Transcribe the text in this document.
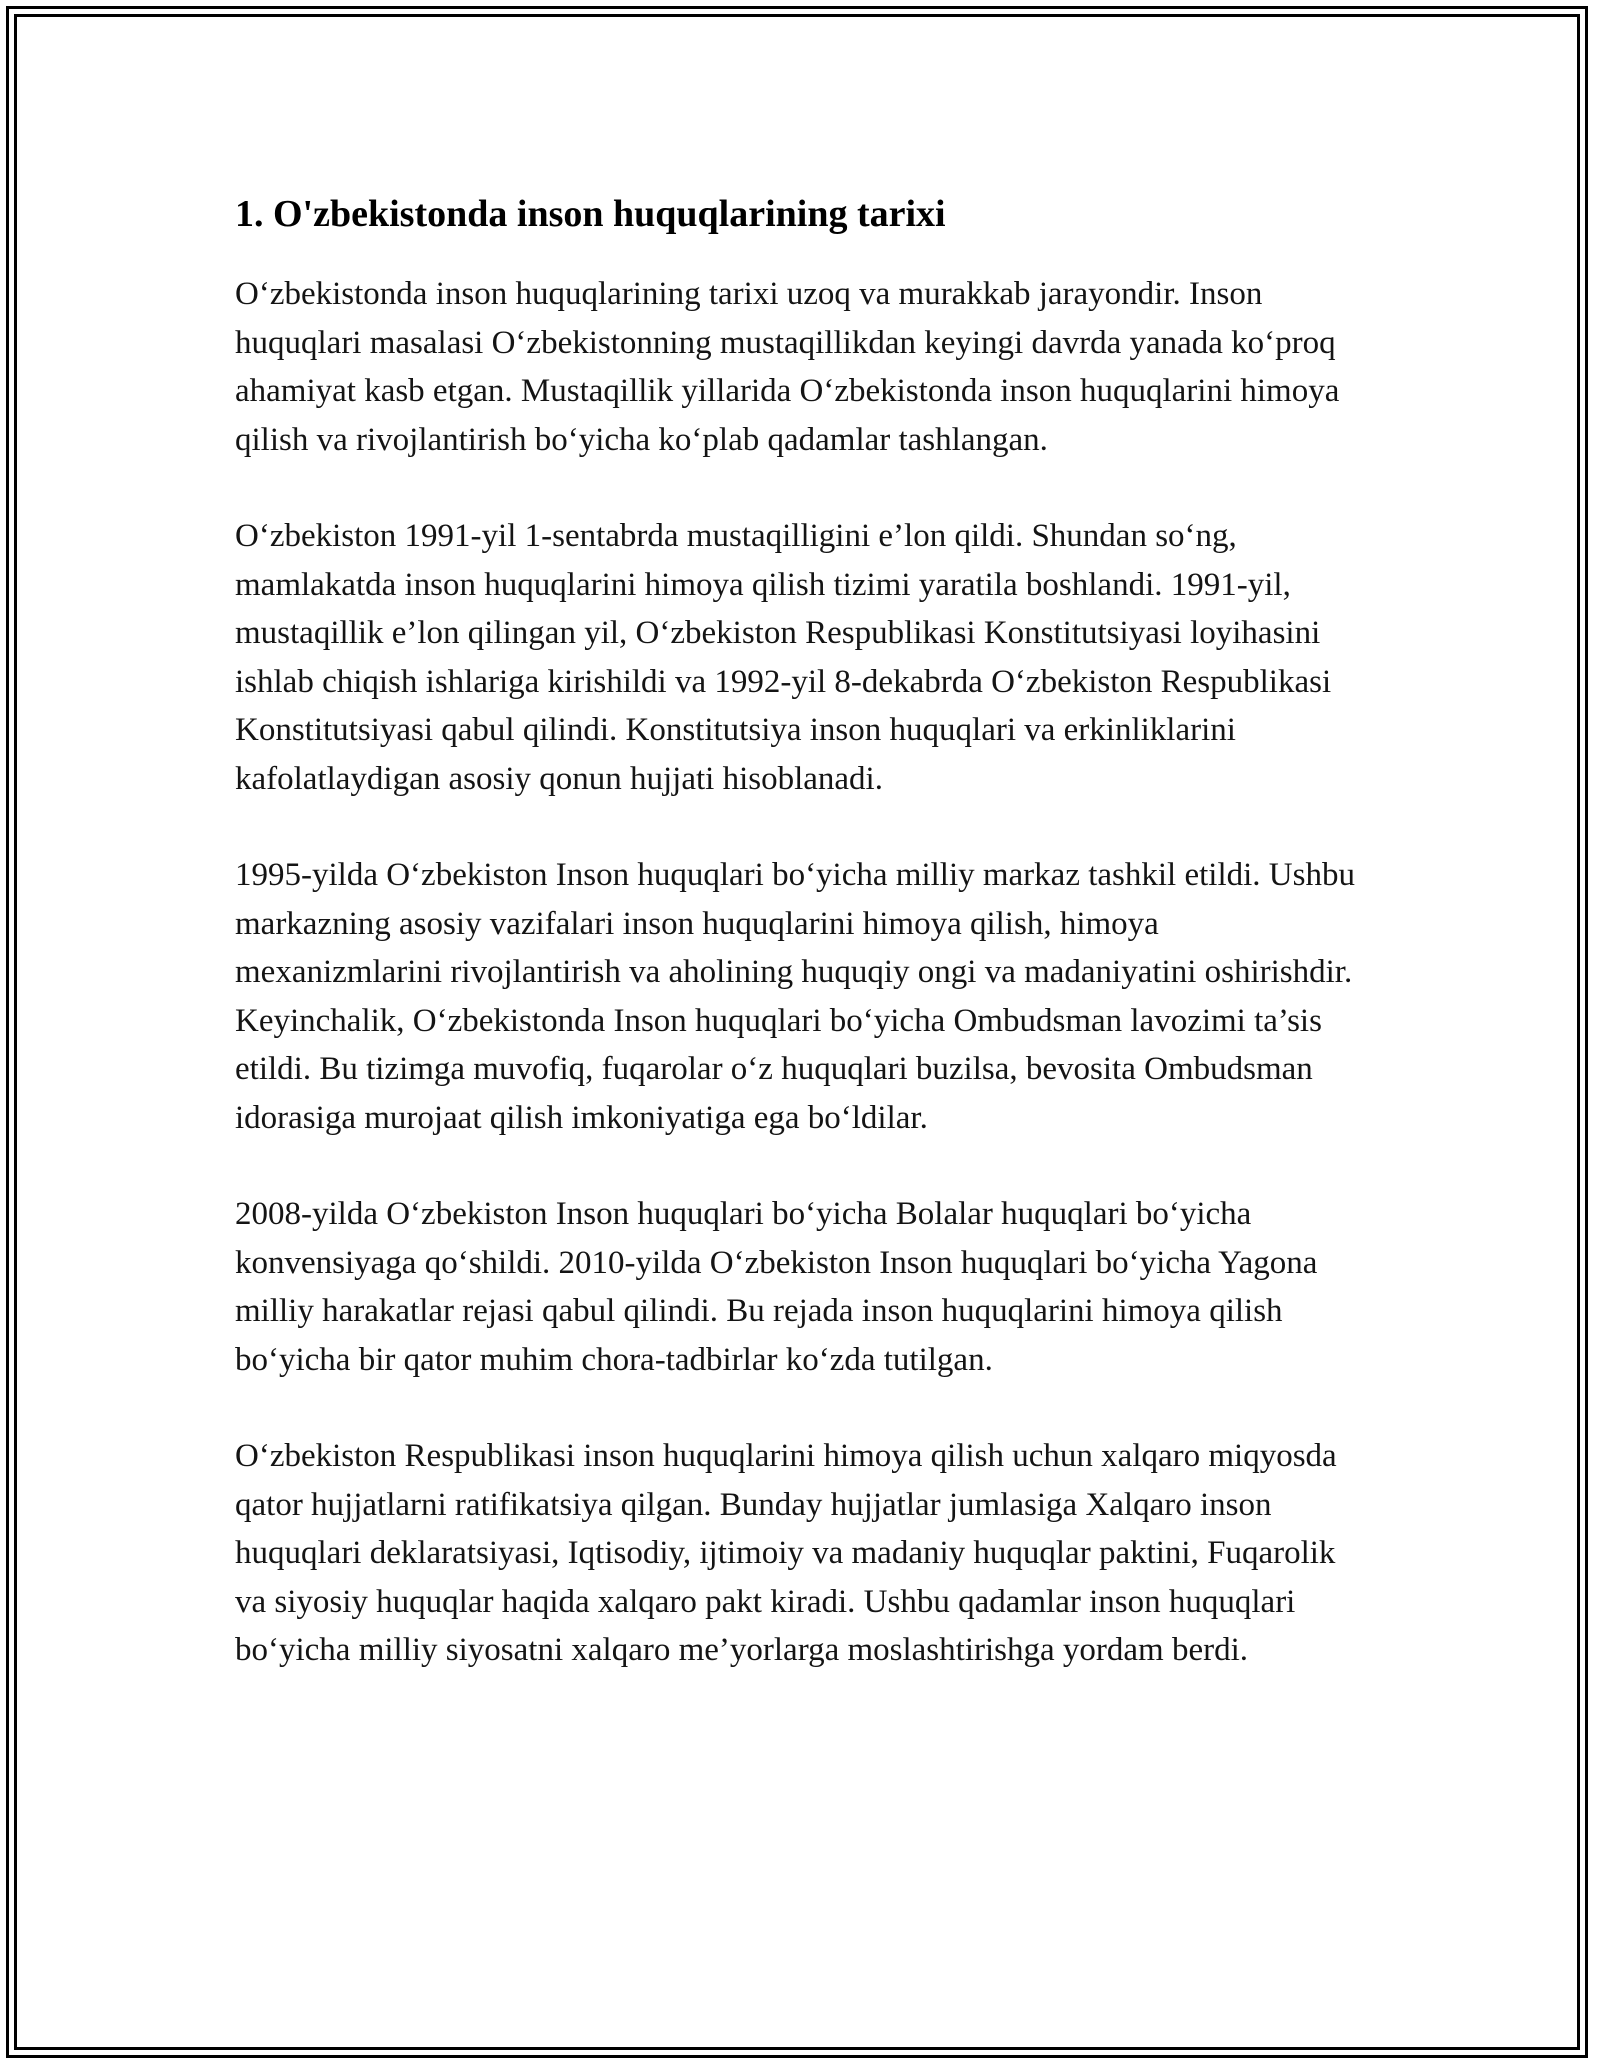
1. O'zbekistonda inson huquqlarining tarixi

O‘zbekistonda inson huquqlarining tarixi uzoq va murakkab jarayondir. Inson huquqlari masalasi O‘zbekistonning mustaqillikdan keyingi davrda yanada ko‘proq ahamiyat kasb etgan. Mustaqillik yillarida O‘zbekistonda inson huquqlarini himoya qilish va rivojlantirish bo‘yicha ko‘plab qadamlar tashlangan.

O‘zbekiston 1991-yil 1-sentabrda mustaqilligini e’lon qildi. Shundan so‘ng, mamlakatda inson huquqlarini himoya qilish tizimi yaratila boshlandi. 1991-yil, mustaqillik e’lon qilingan yil, O‘zbekiston Respublikasi Konstitutsiyasi loyihasini ishlab chiqish ishlariga kirishildi va 1992-yil 8-dekabrda O‘zbekiston Respublikasi Konstitutsiyasi qabul qilindi. Konstitutsiya inson huquqlari va erkinliklarini kafolatlaydigan asosiy qonun hujjati hisoblanadi.

1995-yilda O‘zbekiston Inson huquqlari bo‘yicha milliy markaz tashkil etildi. Ushbu markazning asosiy vazifalari inson huquqlarini himoya qilish, himoya mexanizmlarini rivojlantirish va aholining huquqiy ongi va madaniyatini oshirishdir. Keyinchalik, O‘zbekistonda Inson huquqlari bo‘yicha Ombudsman lavozimi ta’sis etildi. Bu tizimga muvofiq, fuqarolar o‘z huquqlari buzilsa, bevosita Ombudsman idorasiga murojaat qilish imkoniyatiga ega bo‘ldilar.

2008-yilda O‘zbekiston Inson huquqlari bo‘yicha Bolalar huquqlari bo‘yicha konvensiyaga qo‘shildi. 2010-yilda O‘zbekiston Inson huquqlari bo‘yicha Yagona milliy harakatlar rejasi qabul qilindi. Bu rejada inson huquqlarini himoya qilish bo‘yicha bir qator muhim chora-tadbirlar ko‘zda tutilgan.

O‘zbekiston Respublikasi inson huquqlarini himoya qilish uchun xalqaro miqyosda qator hujjatlarni ratifikatsiya qilgan. Bunday hujjatlar jumlasiga Xalqaro inson huquqlari deklaratsiyasi, Iqtisodiy, ijtimoiy va madaniy huquqlar paktini, Fuqarolik va siyosiy huquqlar haqida xalqaro pakt kiradi. Ushbu qadamlar inson huquqlari bo‘yicha milliy siyosatni xalqaro me’yorlarga moslashtirishga yordam berdi.
